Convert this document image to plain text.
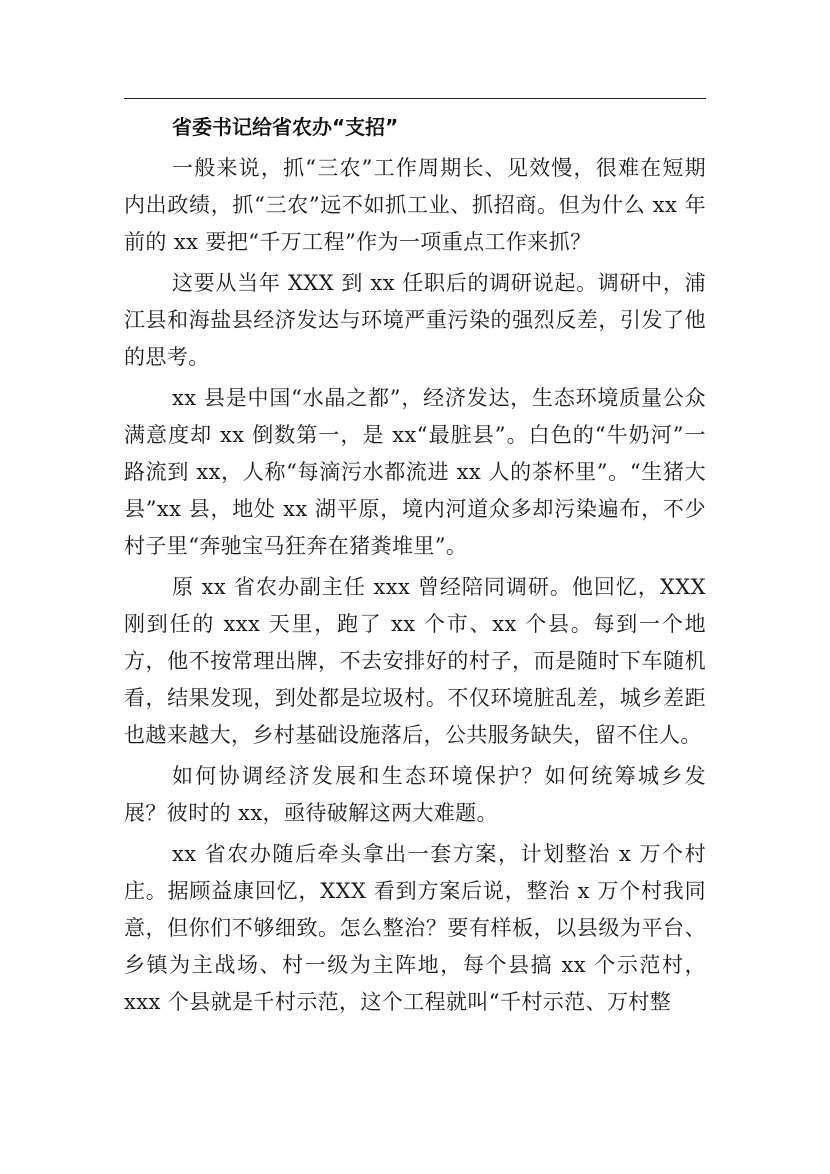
省委书记给省农办“支招”

一般来说，抓“三农”工作周期长、见效慢，很难在短期内出政绩，抓“三农”远不如抓工业、抓招商。但为什么 xx 年前的 xx 要把“千万工程”作为一项重点工作来抓？

这要从当年 XXX 到 xx 任职后的调研说起。调研中，浦江县和海盐县经济发达与环境严重污染的强烈反差，引发了他的思考。

xx 县是中国“水晶之都”，经济发达，生态环境质量公众满意度却 xx 倒数第一，是 xx“最脏县”。白色的“牛奶河”一路流到 xx，人称“每滴污水都流进 xx 人的茶杯里”。“生猪大县”xx 县，地处 xx 湖平原，境内河道众多却污染遍布，不少村子里“奔驰宝马狂奔在猪粪堆里”。

原 xx 省农办副主任 xxx 曾经陪同调研。他回忆，XXX 刚到任的 xxx 天里，跑了 xx 个市、xx 个县。每到一个地方，他不按常理出牌，不去安排好的村子，而是随时下车随机看，结果发现，到处都是垃圾村。不仅环境脏乱差，城乡差距也越来越大，乡村基础设施落后，公共服务缺失，留不住人。

如何协调经济发展和生态环境保护？如何统筹城乡发展？彼时的 xx，亟待破解这两大难题。

xx 省农办随后牵头拿出一套方案，计划整治 x 万个村庄。据顾益康回忆，XXX 看到方案后说，整治 x 万个村我同意，但你们不够细致。怎么整治？要有样板，以县级为平台、乡镇为主战场、村一级为主阵地，每个县搞 xx 个示范村，xxx 个县就是千村示范，这个工程就叫“千村示范、万村整
